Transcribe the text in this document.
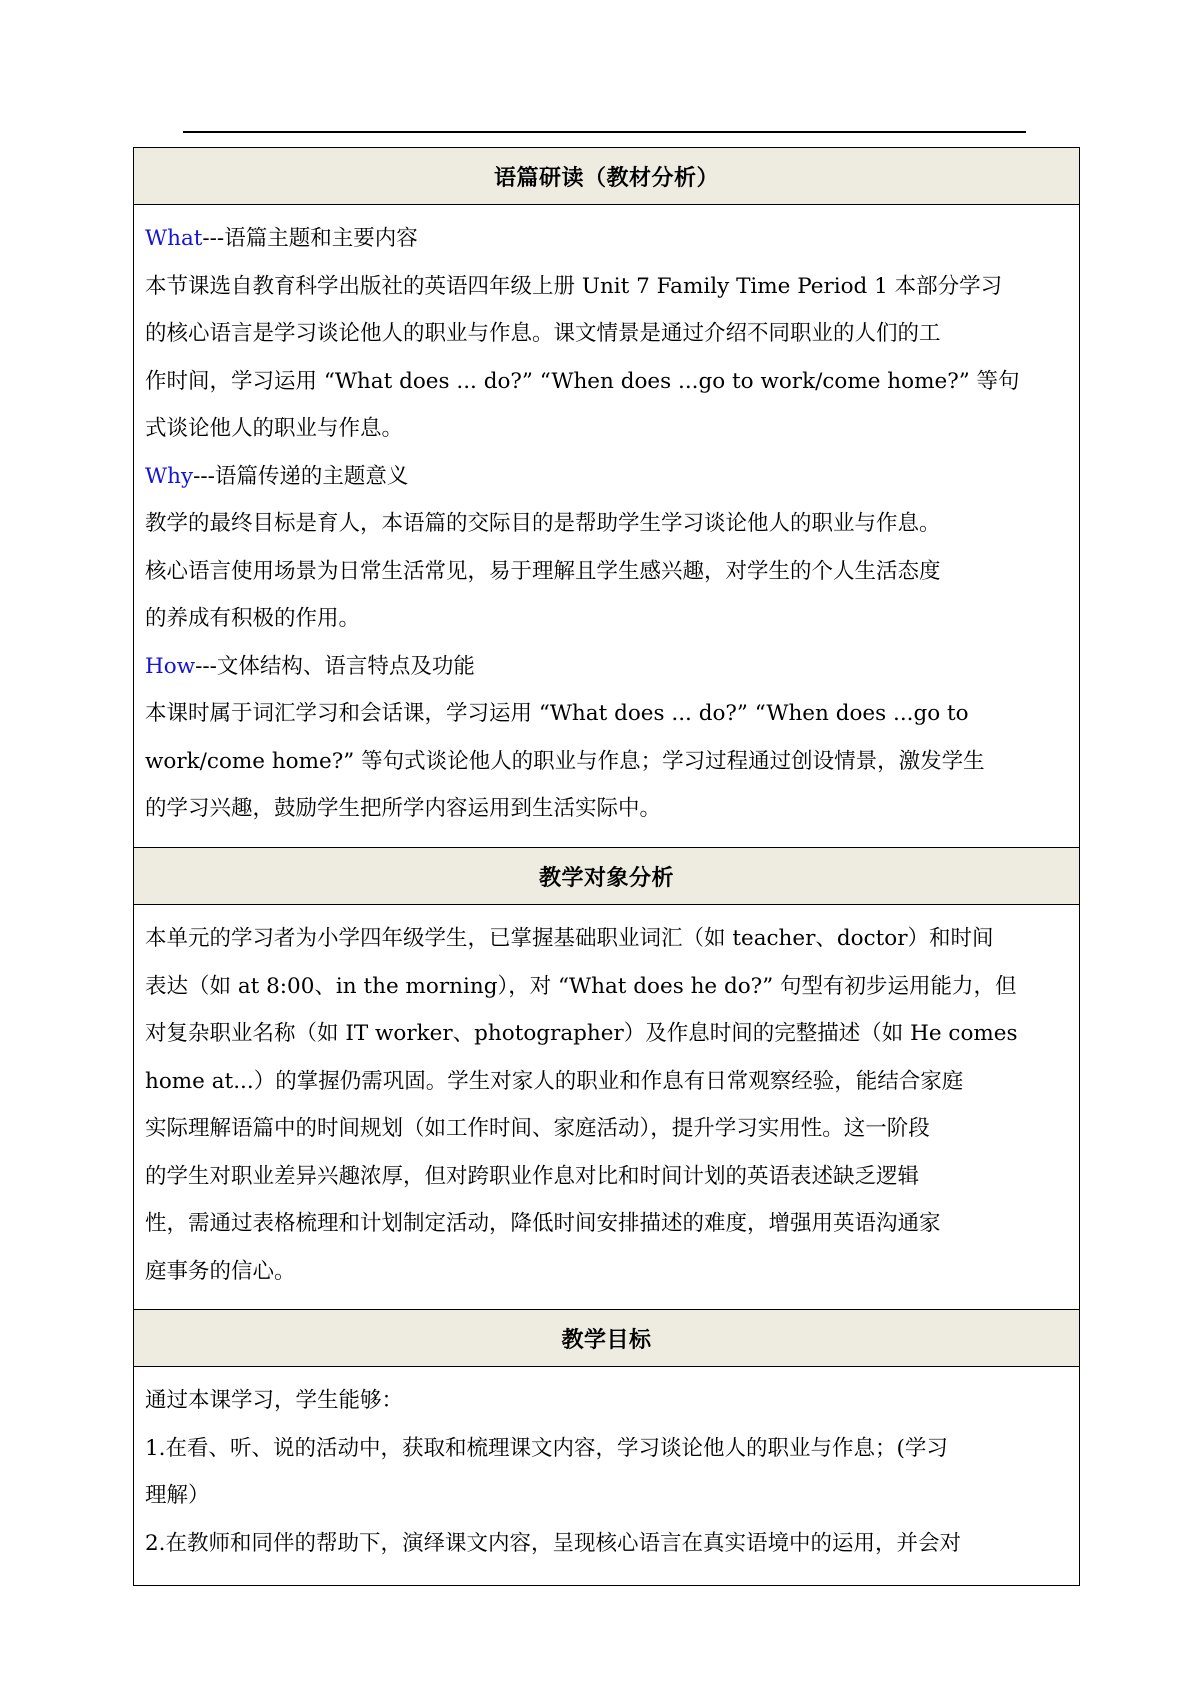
语篇研读（教材分析）

What---语篇主题和主要内容

本节课选自教育科学出版社的英语四年级上册 Unit 7 Family Time Period 1 本部分学习

的核心语言是学习谈论他人的职业与作息。课文情景是通过介绍不同职业的人们的工

作时间，学习运用 “What does ... do?” “When does ...go to work/come home?” 等句

式谈论他人的职业与作息。

Why---语篇传递的主题意义

教学的最终目标是育人，本语篇的交际目的是帮助学生学习谈论他人的职业与作息。

核心语言使用场景为日常生活常见，易于理解且学生感兴趣，对学生的个人生活态度

的养成有积极的作用。

How---文体结构、语言特点及功能

本课时属于词汇学习和会话课，学习运用 “What does ... do?” “When does ...go to

work/come home?” 等句式谈论他人的职业与作息；学习过程通过创设情景，激发学生

的学习兴趣，鼓励学生把所学内容运用到生活实际中。

教学对象分析

本单元的学习者为小学四年级学生，已掌握基础职业词汇（如 teacher、doctor）和时间

表达（如 at 8:00、in the morning），对 “What does he do?” 句型有初步运用能力，但

对复杂职业名称（如 IT worker、photographer）及作息时间的完整描述（如 He comes

home at...）的掌握仍需巩固。学生对家人的职业和作息有日常观察经验，能结合家庭

实际理解语篇中的时间规划（如工作时间、家庭活动），提升学习实用性。这一阶段

的学生对职业差异兴趣浓厚，但对跨职业作息对比和时间计划的英语表述缺乏逻辑

性，需通过表格梳理和计划制定活动，降低时间安排描述的难度，增强用英语沟通家

庭事务的信心。

教学目标

通过本课学习，学生能够：

1.在看、听、说的活动中，获取和梳理课文内容，学习谈论他人的职业与作息；(学习

理解）

2.在教师和同伴的帮助下，演绎课文内容，呈现核心语言在真实语境中的运用，并会对
